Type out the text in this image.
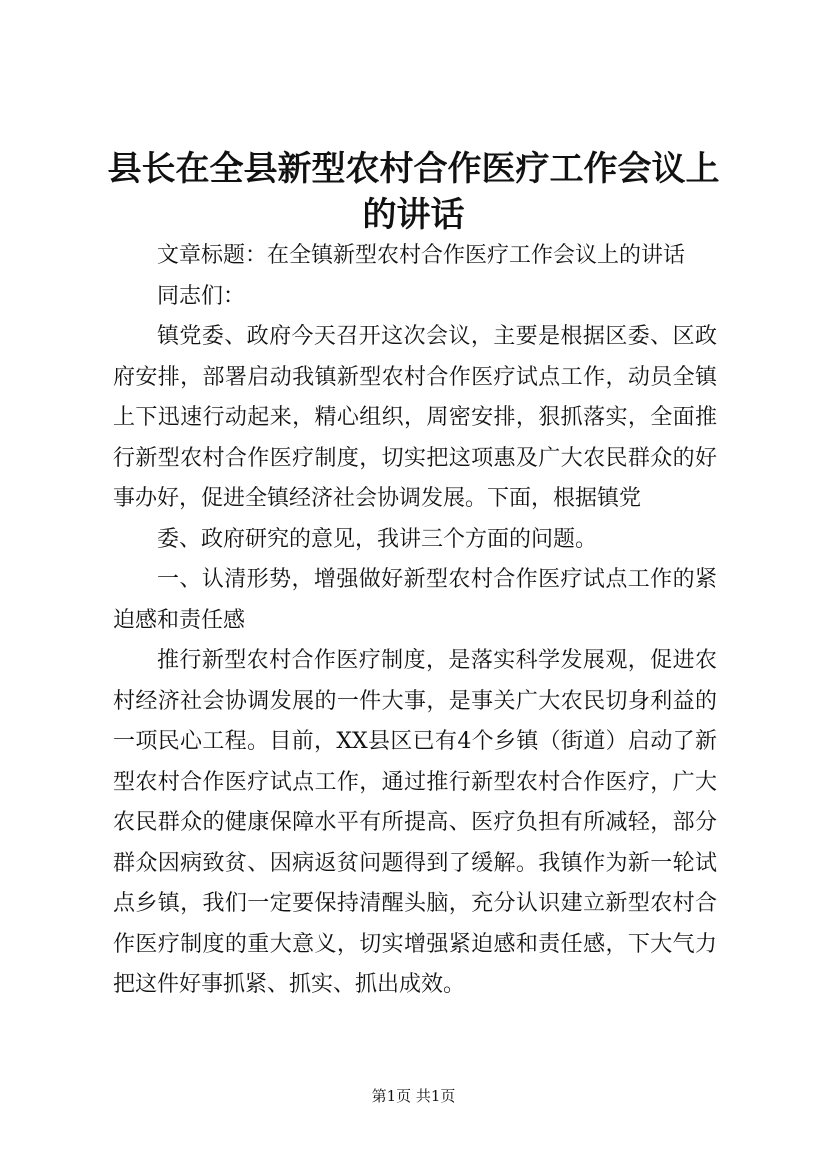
县长在全县新型农村合作医疗工作会议上的讲话

文章标题：在全镇新型农村合作医疗工作会议上的讲话

同志们：

镇党委、政府今天召开这次会议，主要是根据区委、区政府安排，部署启动我镇新型农村合作医疗试点工作，动员全镇上下迅速行动起来，精心组织，周密安排，狠抓落实，全面推行新型农村合作医疗制度，切实把这项惠及广大农民群众的好事办好，促进全镇经济社会协调发展。下面，根据镇党

委、政府研究的意见，我讲三个方面的问题。

一、认清形势，增强做好新型农村合作医疗试点工作的紧迫感和责任感

推行新型农村合作医疗制度，是落实科学发展观，促进农村经济社会协调发展的一件大事，是事关广大农民切身利益的一项民心工程。目前，XX县区已有4个乡镇（街道）启动了新型农村合作医疗试点工作，通过推行新型农村合作医疗，广大农民群众的健康保障水平有所提高、医疗负担有所减轻，部分群众因病致贫、因病返贫问题得到了缓解。我镇作为新一轮试点乡镇，我们一定要保持清醒头脑，充分认识建立新型农村合作医疗制度的重大意义，切实增强紧迫感和责任感，下大气力把这件好事抓紧、抓实、抓出成效。

第1页 共1页
